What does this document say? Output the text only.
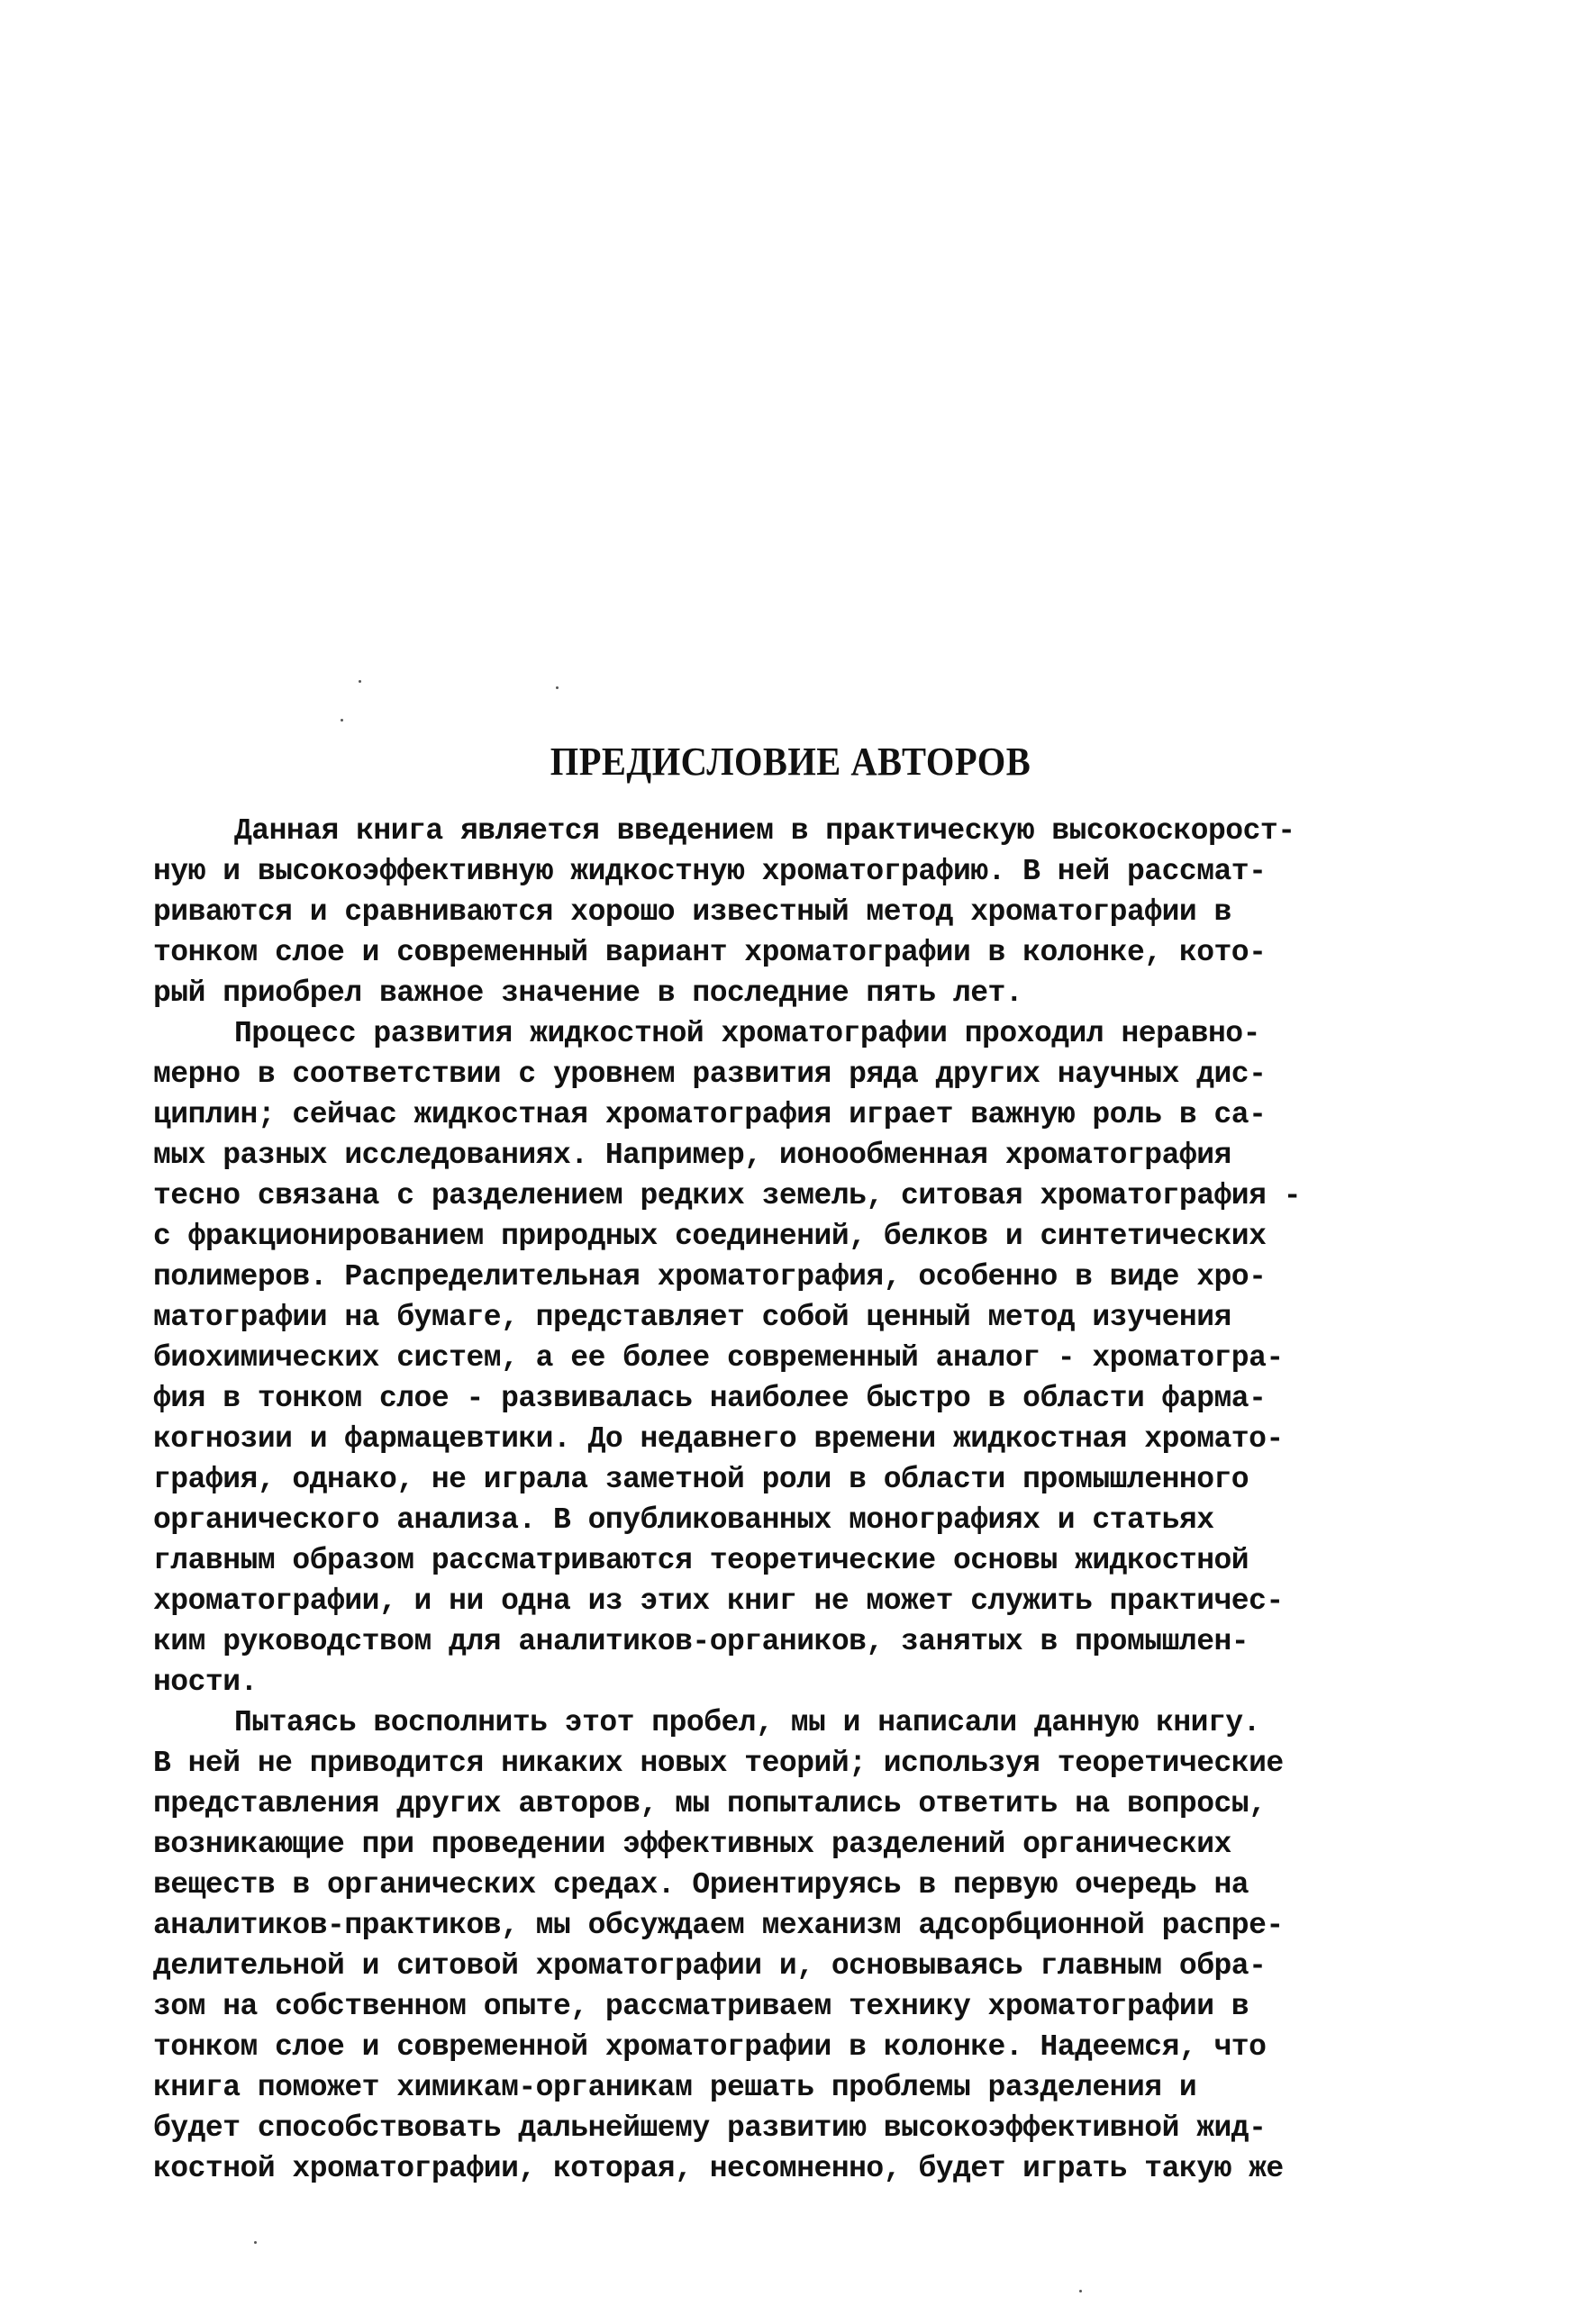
ПРЕДИСЛОВИЕ АВТОРОВ
Данная книга является введением в практическую высокоскорост-
ную и высокоэффективную жидкостную хроматографию. В ней рассмат-
риваются и сравниваются хорошо известный метод хроматографии в
тонком слое и современный вариант хроматографии в колонке, кото-
рый приобрел важное значение в последние пять лет.
Процесс развития жидкостной хроматографии проходил неравно-
мерно в соответствии с уровнем развития ряда других научных дис-
циплин; сейчас жидкостная хроматография играет важную роль в са-
мых разных исследованиях. Например, ионообменная хроматография
тесно связана с разделением редких земель, ситовая хроматография -
с фракционированием природных соединений, белков и синтетических
полимеров. Распределительная хроматография, особенно в виде хро-
матографии на бумаге, представляет собой ценный метод изучения
биохимических систем, а ее более современный аналог - хроматогра-
фия в тонком слое - развивалась наиболее быстро в области фарма-
когнозии и фармацевтики. До недавнего времени жидкостная хромато-
графия, однако, не играла заметной роли в области промышленного
органического анализа. В опубликованных монографиях и статьях
главным образом рассматриваются теоретические основы жидкостной
хроматографии, и ни одна из этих книг не может служить практичес-
ким руководством для аналитиков-органиков, занятых в промышлен-
ности.
Пытаясь восполнить этот пробел, мы и написали данную книгу.
В ней не приводится никаких новых теорий; используя теоретические
представления других авторов, мы попытались ответить на вопросы,
возникающие при проведении эффективных разделений органических
веществ в органических средах. Ориентируясь в первую очередь на
аналитиков-практиков, мы обсуждаем механизм адсорбционной распре-
делительной и ситовой хроматографии и, основываясь главным обра-
зом на собственном опыте, рассматриваем технику хроматографии в
тонком слое и современной хроматографии в колонке. Надеемся, что
книга поможет химикам-органикам решать проблемы разделения и
будет способствовать дальнейшему развитию высокоэффективной жид-
костной хроматографии, которая, несомненно, будет играть такую же
